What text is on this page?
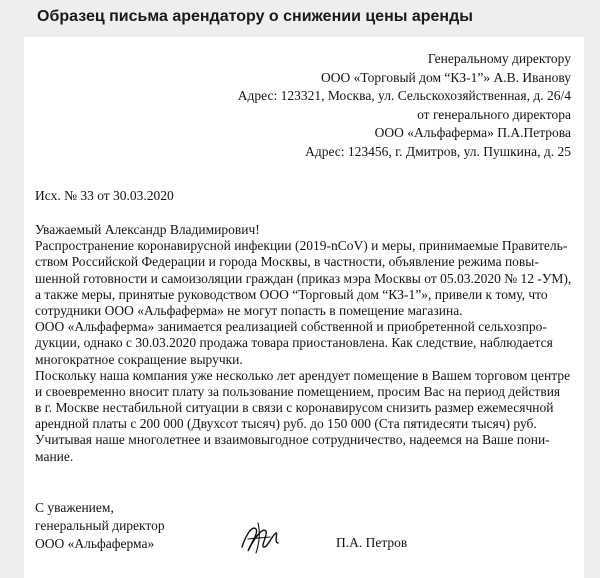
Образец письма арендатору о снижении цены аренды
Генеральному директору
ООО «Торговый дом “КЗ-1”» А.В. Иванову
Адрес: 123321, Москва, ул. Сельскохозяйственная, д. 26/4
от генерального директора
ООО «Альфаферма» П.А.Петрова
Адрес: 123456, г. Дмитров, ул. Пушкина, д. 25
Исх. № 33 от 30.03.2020
Уважаемый Александр Владимирович!
Распространение коронавирусной инфекции (2019-nCoV) и меры, принимаемые Правитель-
ством Российской Федерации и города Москвы, в частности, объявление режима повы-
шенной готовности и самоизоляции граждан (приказ мэра Москвы от 05.03.2020 № 12 -УМ),
а также меры, принятые руководством ООО “Торговый дом “КЗ-1”», привели к тому, что
сотрудники ООО «Альфаферма» не могут попасть в помещение магазина.
ООО «Альфаферма» занимается реализацией собственной и приобретенной сельхозпро-
дукции, однако с 30.03.2020 продажа товара приостановлена. Как следствие, наблюдается
многократное сокращение выручки.
Поскольку наша компания уже несколько лет арендует помещение в Вашем торговом центре
и своевременно вносит плату за пользование помещением, просим Вас на период действия
в г. Москве нестабильной ситуации в связи с коронавирусом снизить размер ежемесячной
арендной платы с 200 000 (Двухсот тысяч) руб. до 150 000 (Ста пятидесяти тысяч) руб.
Учитывая наше многолетнее и взаимовыгодное сотрудничество, надеемся на Ваше пони-
мание.
С уважением,
генеральный директор
ООО «Альфаферма»	П.А. Петров
